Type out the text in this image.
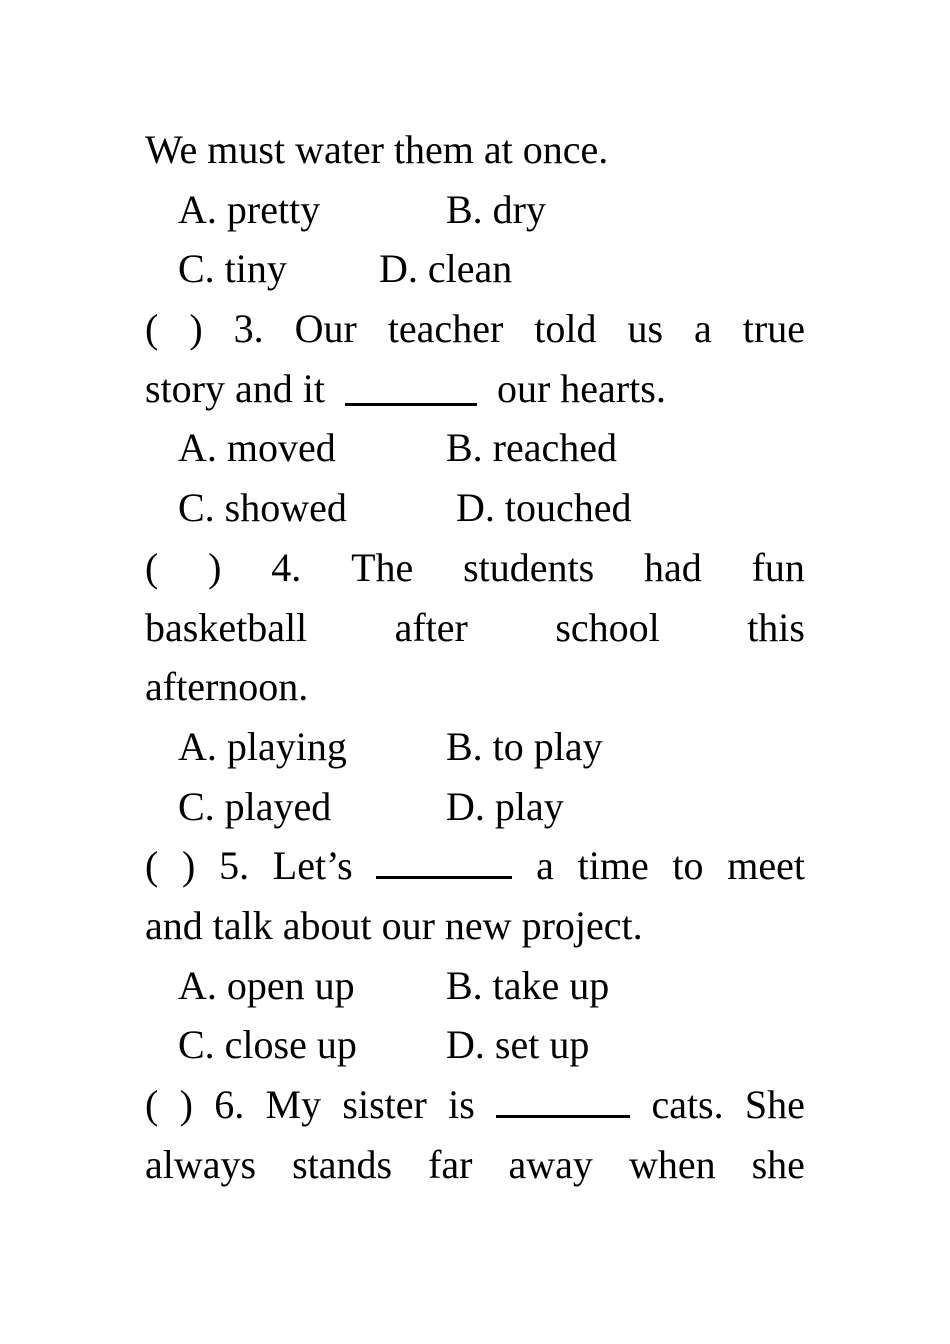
We must water them at once.
A. pretty	B. dry
C. tiny D. clean
( ) 3. Our teacher told us a true
story and it	our hearts.
A. moved	B. reached
C. showed	D. touched
( ) 4. The students had fun
basketball after school this
afternoon.
A. playing B. to play
C. played	D. play
( ) 5. Let’s	a time to meet
and talk about our new project.
A. open up B. take up
C. close up D. set up
( ) 6. My sister is	cats. She
always stands far away when she
